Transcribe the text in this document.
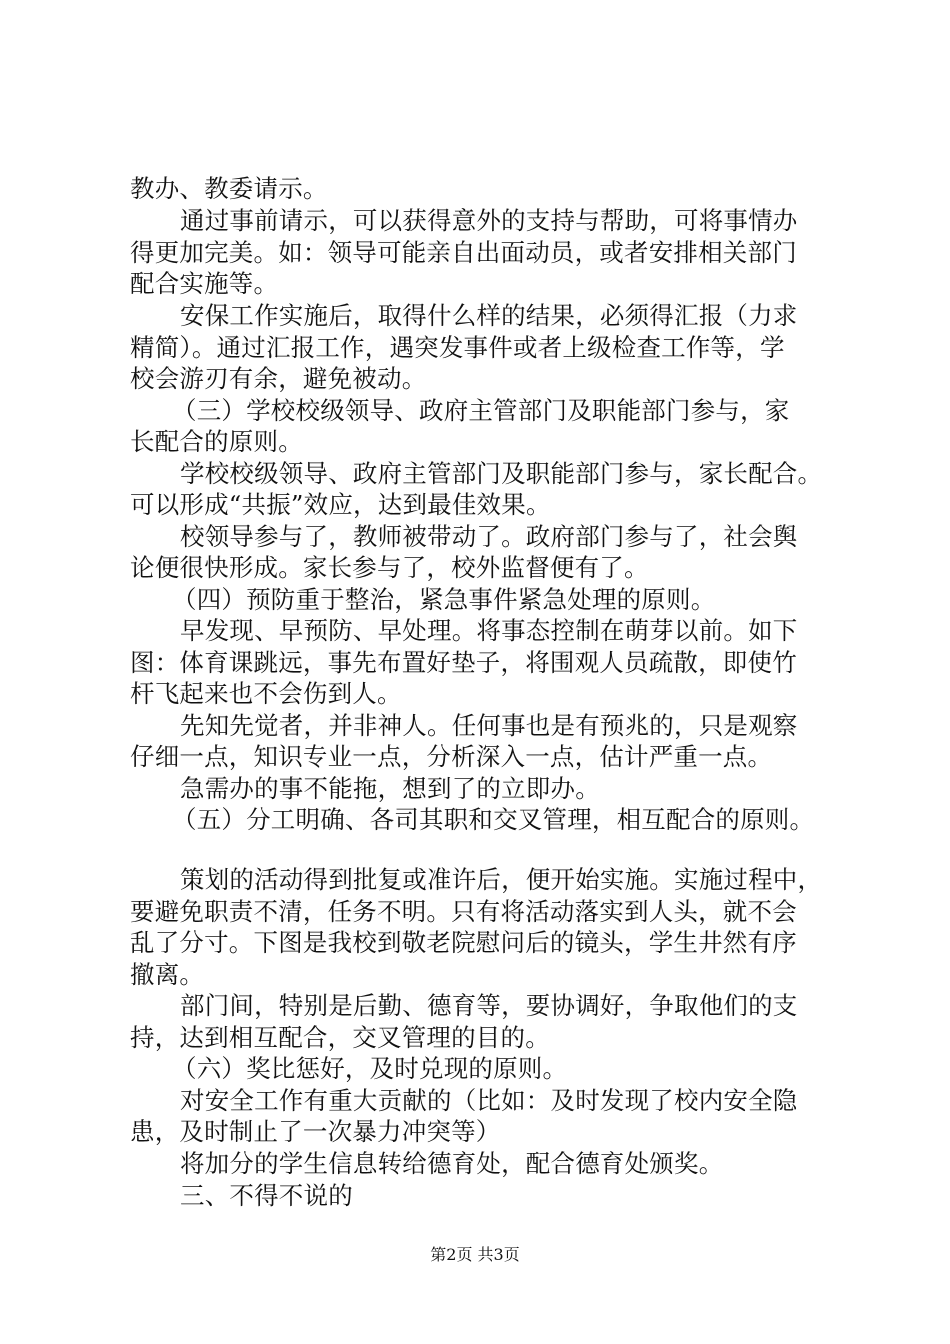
教办、教委请示。
通过事前请示，可以获得意外的支持与帮助，可将事情办
得更加完美。如：领导可能亲自出面动员，或者安排相关部门
配合实施等。
安保工作实施后，取得什么样的结果，必须得汇报（力求
精简）。通过汇报工作，遇突发事件或者上级检查工作等，学
校会游刃有余，避免被动。
（三）学校校级领导、政府主管部门及职能部门参与，家
长配合的原则。
学校校级领导、政府主管部门及职能部门参与，家长配合。
可以形成“共振”效应，达到最佳效果。
校领导参与了，教师被带动了。政府部门参与了，社会舆
论便很快形成。家长参与了，校外监督便有了。
（四）预防重于整治，紧急事件紧急处理的原则。
早发现、早预防、早处理。将事态控制在萌芽以前。如下
图：体育课跳远，事先布置好垫子，将围观人员疏散，即使竹
杆飞起来也不会伤到人。
先知先觉者，并非神人。任何事也是有预兆的，只是观察
仔细一点，知识专业一点，分析深入一点，估计严重一点。
急需办的事不能拖，想到了的立即办。
（五）分工明确、各司其职和交叉管理，相互配合的原则。
策划的活动得到批复或准许后，便开始实施。实施过程中，
要避免职责不清，任务不明。只有将活动落实到人头，就不会
乱了分寸。下图是我校到敬老院慰问后的镜头，学生井然有序
撤离。
部门间，特别是后勤、德育等，要协调好，争取他们的支
持，达到相互配合，交叉管理的目的。
（六）奖比惩好，及时兑现的原则。
对安全工作有重大贡献的（比如：及时发现了校内安全隐
患，及时制止了一次暴力冲突等）
将加分的学生信息转给德育处，配合德育处颁奖。
三、不得不说的
第2页 共3页
